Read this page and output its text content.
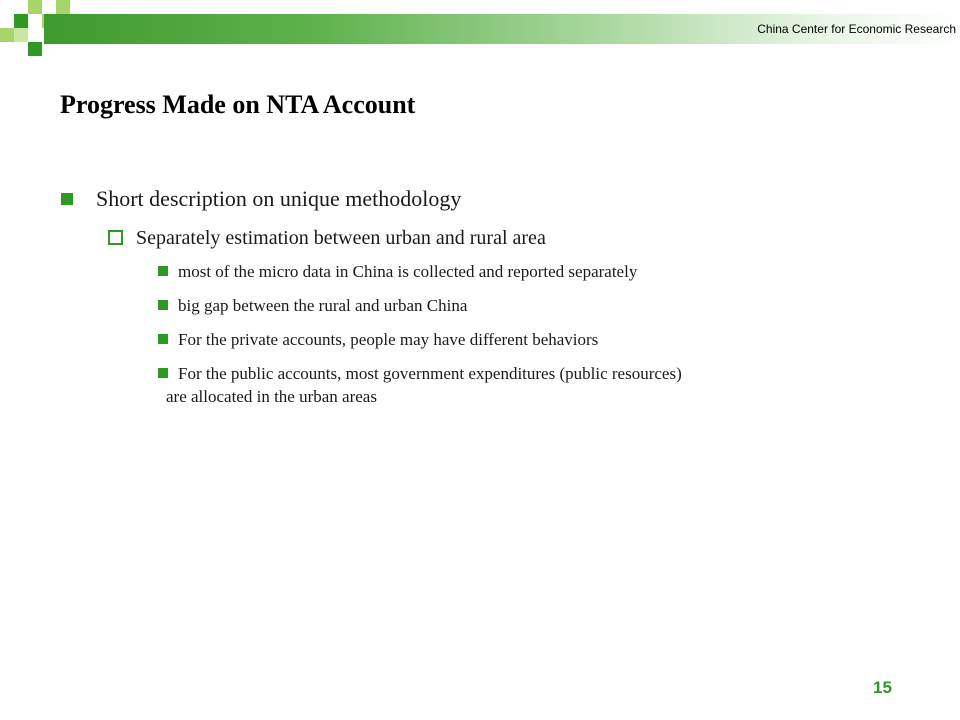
China Center for Economic Research
Progress Made on NTA Account
Short description on unique methodology
Separately estimation between urban and rural area
most of the micro data in China is collected and reported separately
big gap between the rural and urban China
For the private accounts, people may have different behaviors
For the public accounts, most government expenditures (public resources)
are allocated in the urban areas
15
